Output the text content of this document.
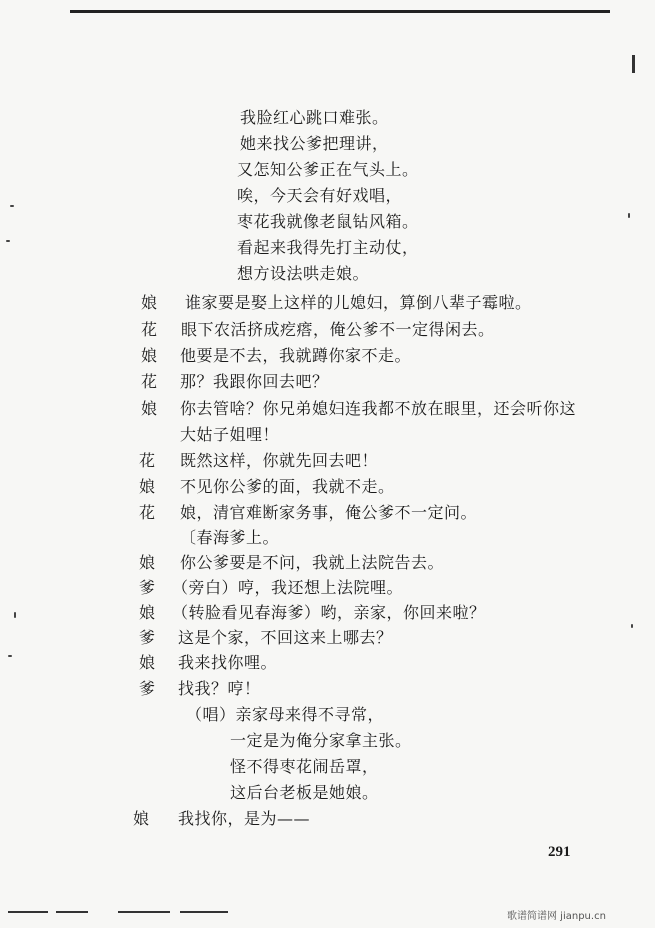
我脸红心跳口难张。
她来找公爹把理讲，
又怎知公爹正在气头上。
唉，今天会有好戏唱，
枣花我就像老鼠钻风箱。
看起来我得先打主动仗，
想方设法哄走娘。
娘 谁家要是娶上这样的儿媳妇，算倒八辈子霉啦。
花 眼下农活挤成疙瘩，俺公爹不一定得闲去。
娘 他要是不去，我就蹲你家不走。
花 那？我跟你回去吧？
娘 你去管啥？你兄弟媳妇连我都不放在眼里，还会听你这
大姑子姐哩！
花 既然这样，你就先回去吧！
娘 不见你公爹的面，我就不走。
花 娘，清官难断家务事，俺公爹不一定问。
〔春海爹上。
娘 你公爹要是不问，我就上法院告去。
爹 （旁白）哼，我还想上法院哩。
娘 （转脸看见春海爹）哟，亲家，你回来啦？
爹 这是个家，不回这来上哪去？
娘 我来找你哩。
爹 找我？哼！
（唱）亲家母来得不寻常，
一定是为俺分家拿主张。
怪不得枣花闹岳罩，
这后台老板是她娘。
娘 我找你，是为——
291
歌谱简谱网 jianpu.cn
